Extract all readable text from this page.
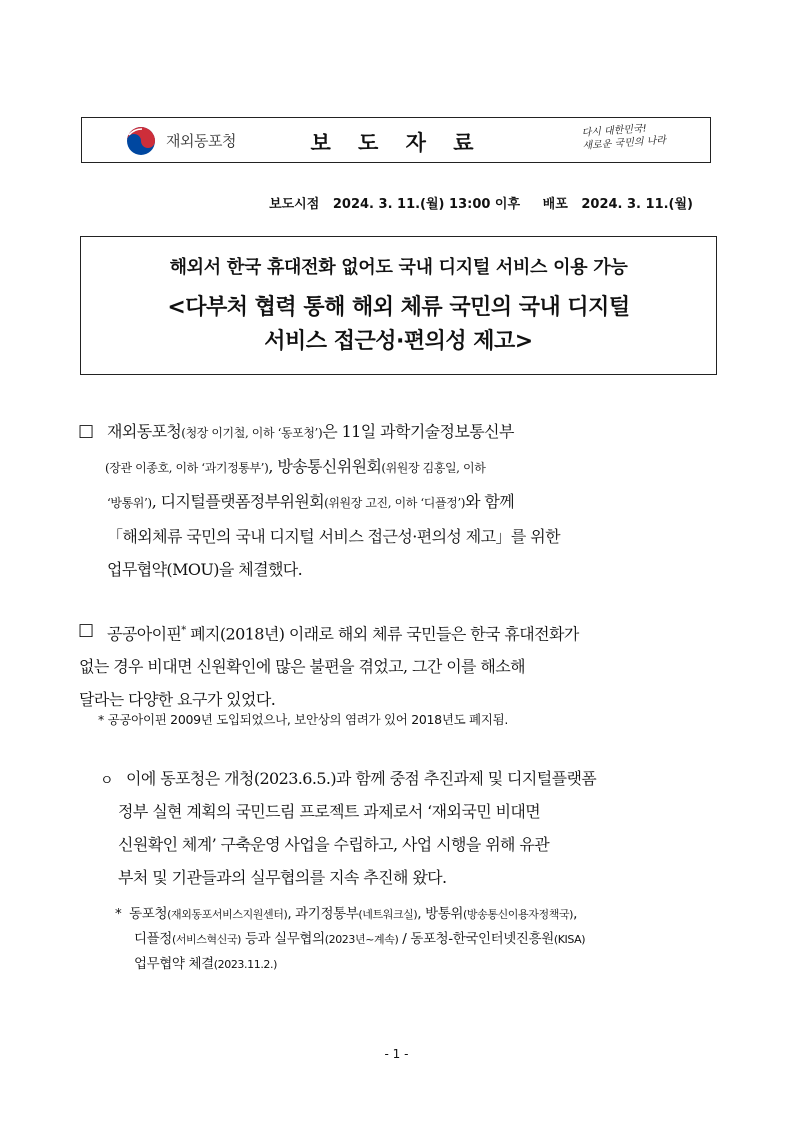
재외동포청	보 도 자 료	다시 대한민국!
새로운 국민의 나라
보도시점   2024. 3. 11.(월) 13:00 이후     배포   2024. 3. 11.(월)
해외서 한국 휴대전화 없어도 국내 디지털 서비스 이용 가능
<다부처 협력 통해 해외 체류 국민의 국내 디지털
서비스 접근성·편의성 제고>
□ 재외동포청(청장 이기철, 이하 ‘동포청’)은 11일 과학기술정보통신부
(장관 이종호, 이하 ‘과기정통부’), 방송통신위원회(위원장 김홍일, 이하
‘방통위’), 디지털플랫폼정부위원회(위원장 고진, 이하 ‘디플정’)와 함께
「해외체류 국민의 국내 디지털 서비스 접근성·편의성 제고」를 위한
업무협약(MOU)을 체결했다.
□ 공공아이핀* 폐지(2018년) 이래로 해외 체류 국민들은 한국 휴대전화가
없는 경우 비대면 신원확인에 많은 불편을 겪었고, 그간 이를 해소해
달라는 다양한 요구가 있었다.
* 공공아이핀 2009년 도입되었으나, 보안상의 염려가 있어 2018년도 폐지됨.
ㅇ 이에 동포청은 개청(2023.6.5.)과 함께 중점 추진과제 및 디지털플랫폼
정부 실현 계획의 국민드림 프로젝트 과제로서 ‘재외국민 비대면
신원확인 체계’ 구축운영 사업을 수립하고, 사업 시행을 위해 유관
부처 및 기관들과의 실무협의를 지속 추진해 왔다.
* 동포청(재외동포서비스지원센터), 과기정통부(네트워크실), 방통위(방송통신이용자정책국),
디플정(서비스혁신국) 등과 실무협의(2023년~계속) / 동포청-한국인터넷진흥원(KISA)
업무협약 체결(2023.11.2.)
- 1 -
